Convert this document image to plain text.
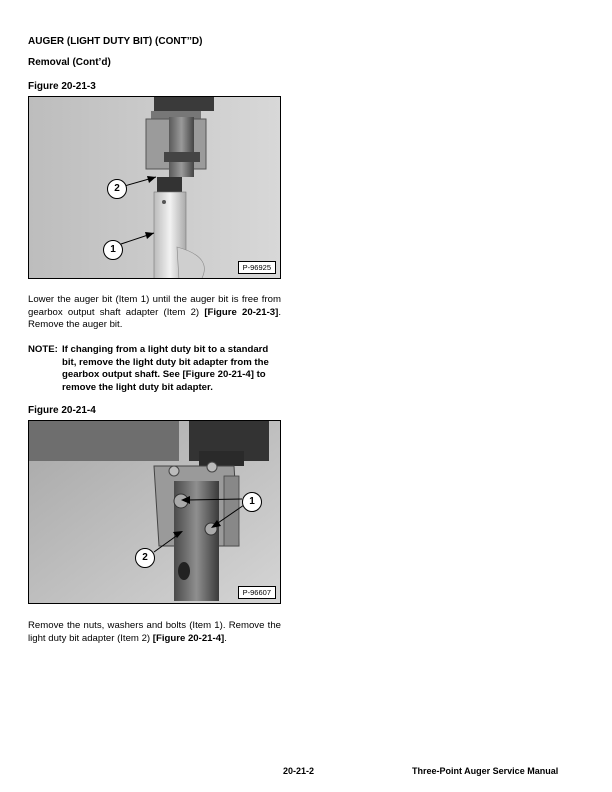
AUGER (LIGHT DUTY BIT) (CONT’’D)
Removal (Cont’d)
Figure 20-21-3
2
1
P-96925
Lower the auger bit (Item 1) until the auger bit is free from gearbox output shaft adapter (Item 2) [Figure 20-21-3]. Remove the auger bit.
NOTE: If changing from a light duty bit to a standard bit, remove the light duty bit adapter from the gearbox output shaft. See [Figure 20-21-4] to remove the light duty bit adapter.
Figure 20-21-4
1
2
P-96607
Remove the nuts, washers and bolts (Item 1). Remove the light duty bit adapter (Item 2) [Figure 20-21-4].
20-21-2	Three-Point Auger Service Manual
